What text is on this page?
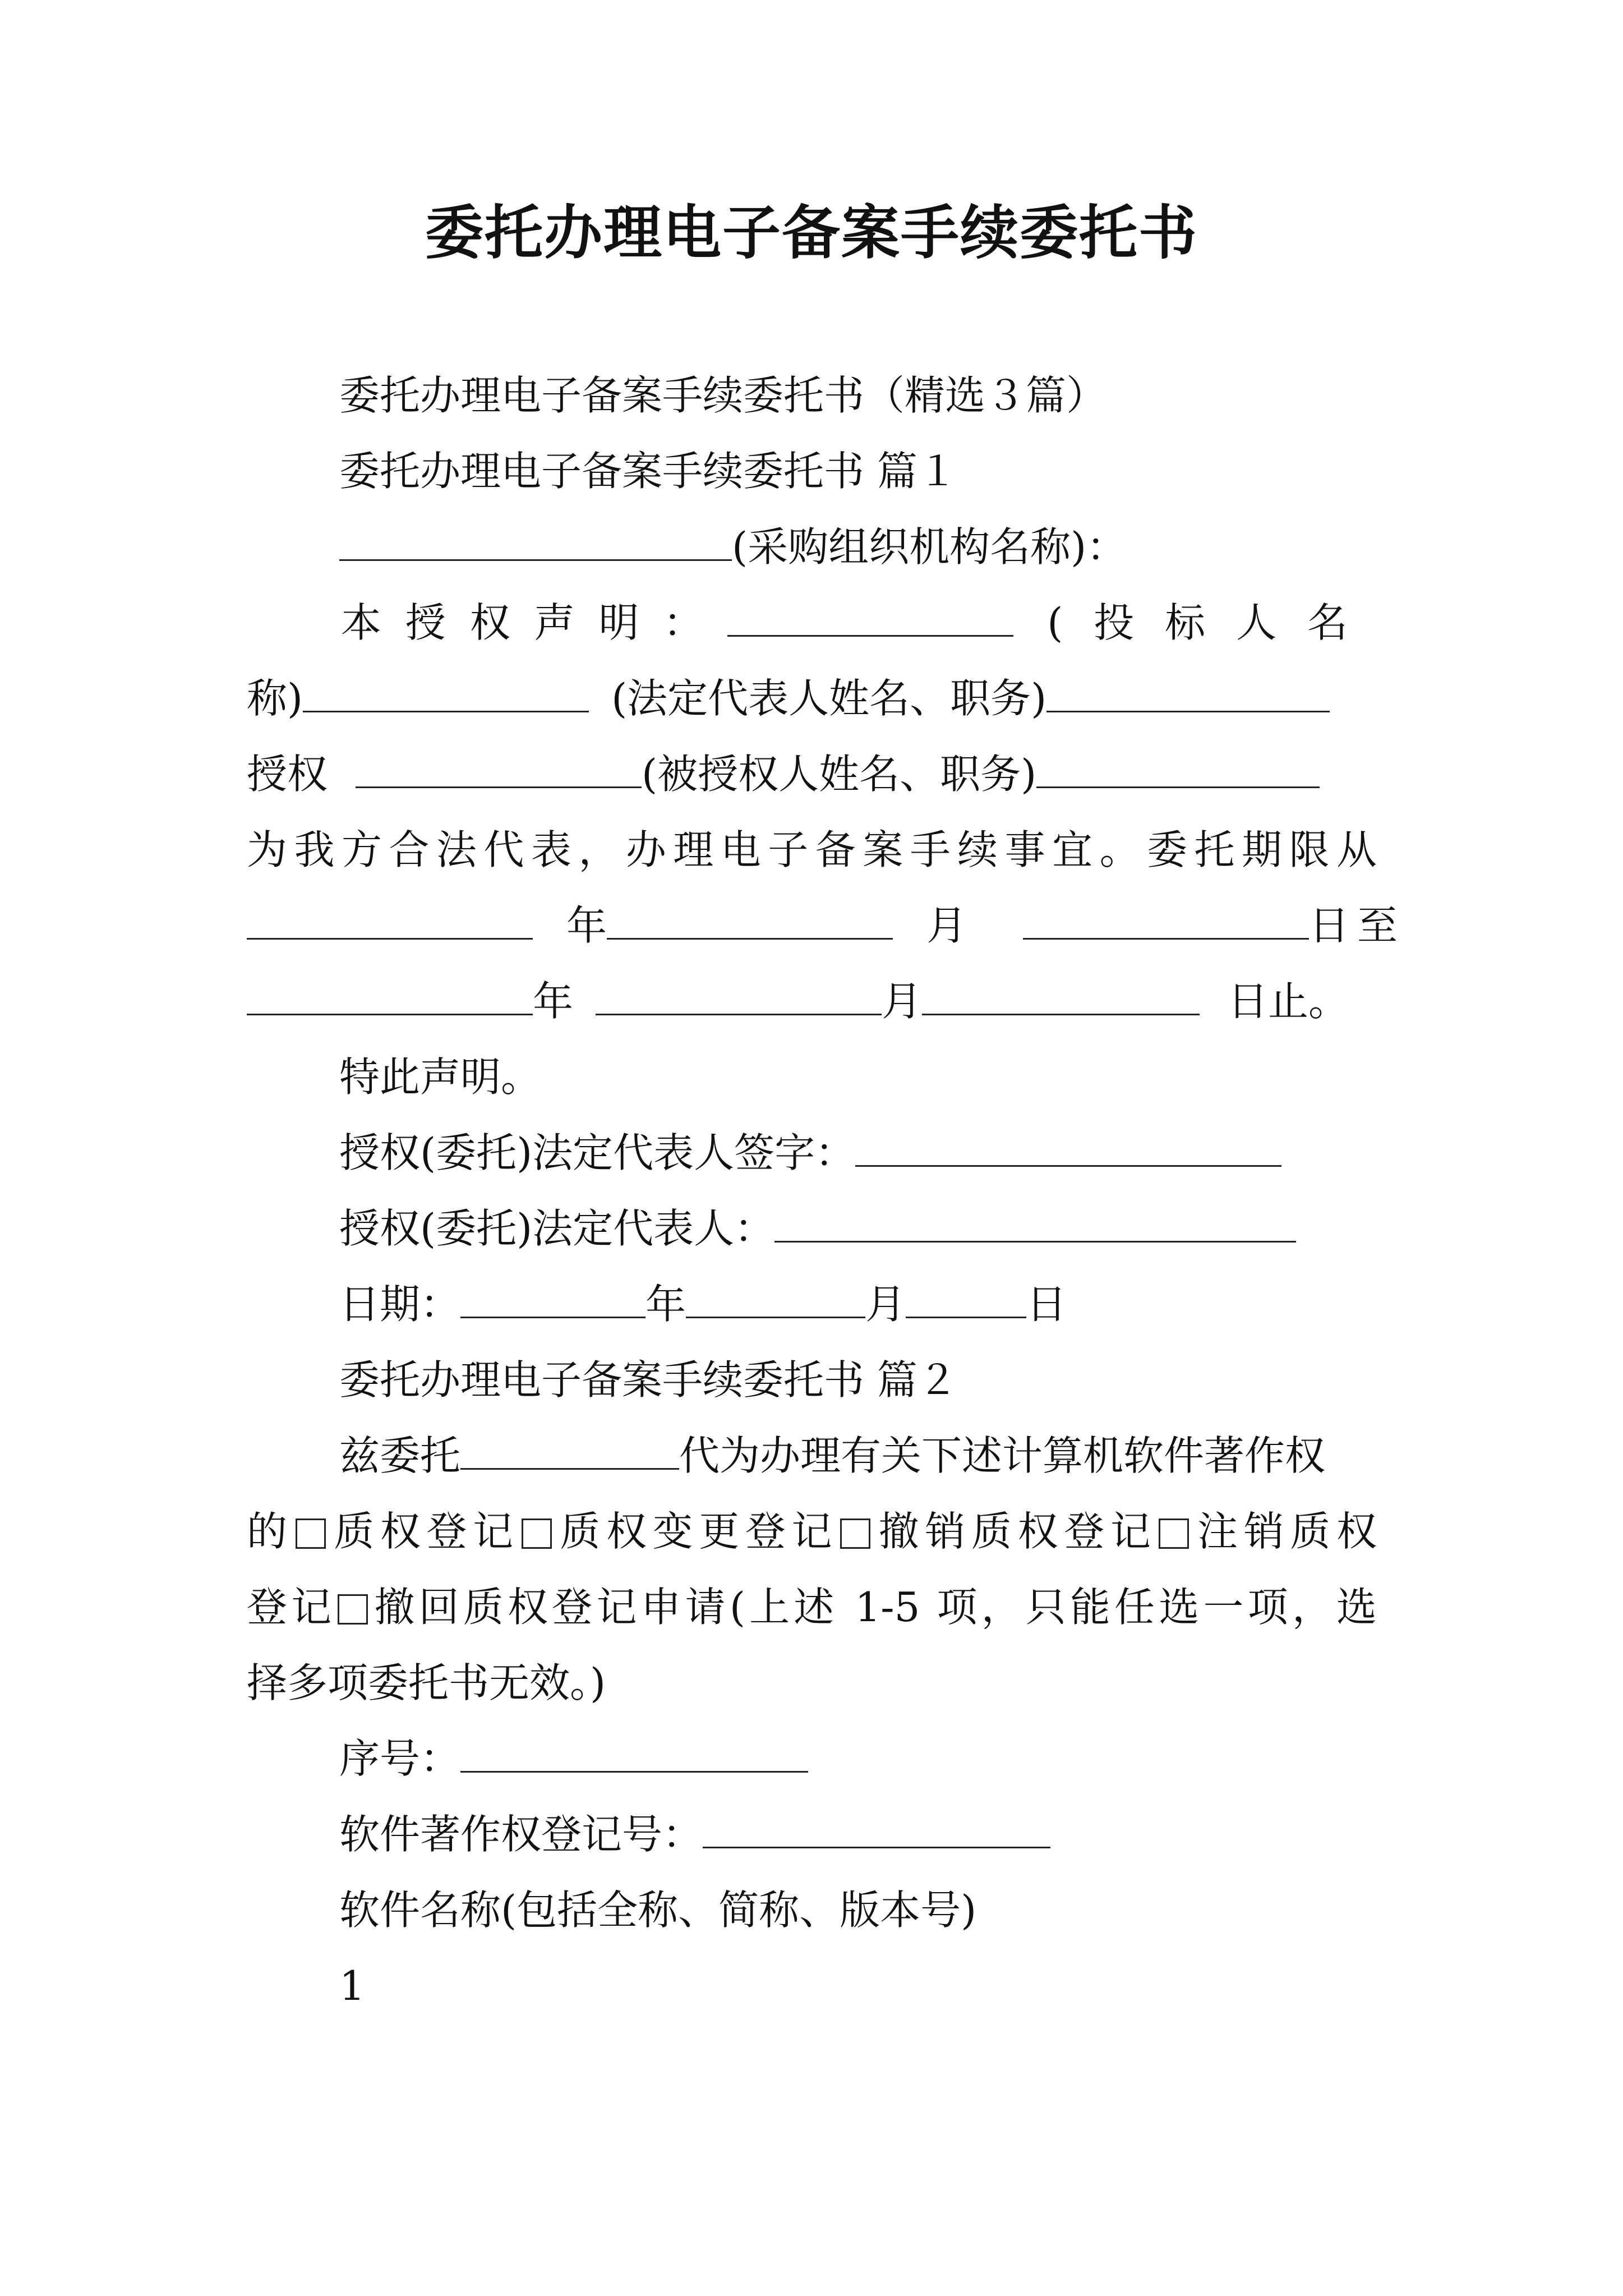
委托办理电子备案手续委托书
委托办理电子备案手续委托书（精选３篇）
委托办理电子备案手续委托书 篇１
(采购组织机构名称)：
本授权声明：	(投标人名
称)	(法定代表人姓名、职务)
授权	(被授权人姓名、职务)
为我方合法代表，办理电子备案手续事宜。委托期限从
年	月	日至
年	月	日止。
特此声明。
授权(委托)法定代表人签字：
授权(委托)法定代表人：
日期：	年	月	日
委托办理电子备案手续委托书 篇２
兹委托	代为办理有关下述计算机软件著作权
的 质权登记 质权变更登记 撤销质权登记 注销质权
登记 撤回质权登记申请(上述 1-5 项，只能任选一项，选
择多项委托书无效。)
序号：
软件著作权登记号：
软件名称(包括全称、简称、版本号)
1
